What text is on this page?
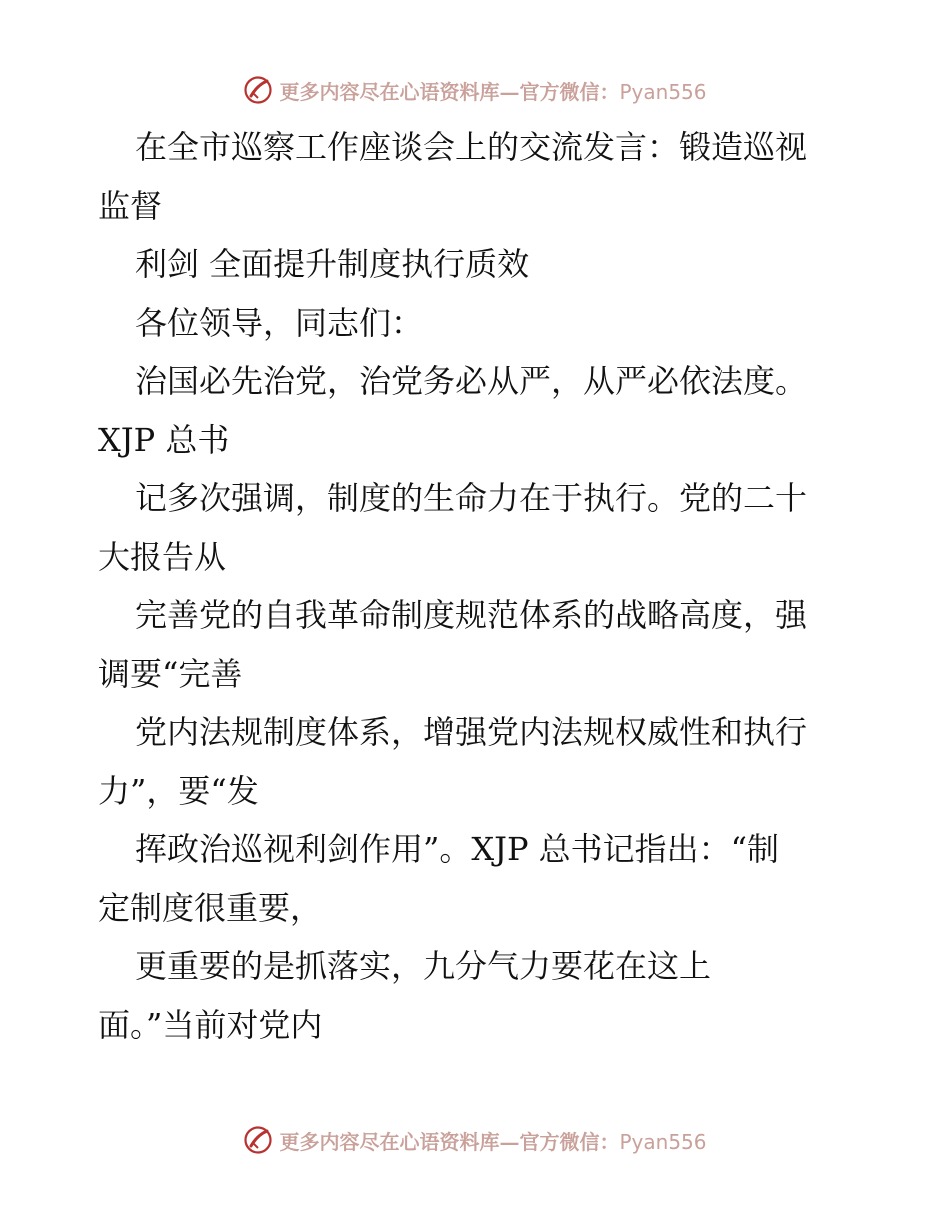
更多内容尽在心语资料库—官方微信：Pyan556
在全市巡察工作座谈会上的交流发言：锻造巡视
监督
利剑 全面提升制度执行质效
各位领导，同志们：
治国必先治党，治党务必从严，从严必依法度。
XJP 总书
记多次强调，制度的生命力在于执行。党的二十
大报告从
完善党的自我革命制度规范体系的战略高度，强
调要“完善
党内法规制度体系，增强党内法规权威性和执行
力”，要“发
挥政治巡视利剑作用”。XJP 总书记指出：“制
定制度很重要，
更重要的是抓落实，九分气力要花在这上
面。”当前对党内
更多内容尽在心语资料库—官方微信：Pyan556
